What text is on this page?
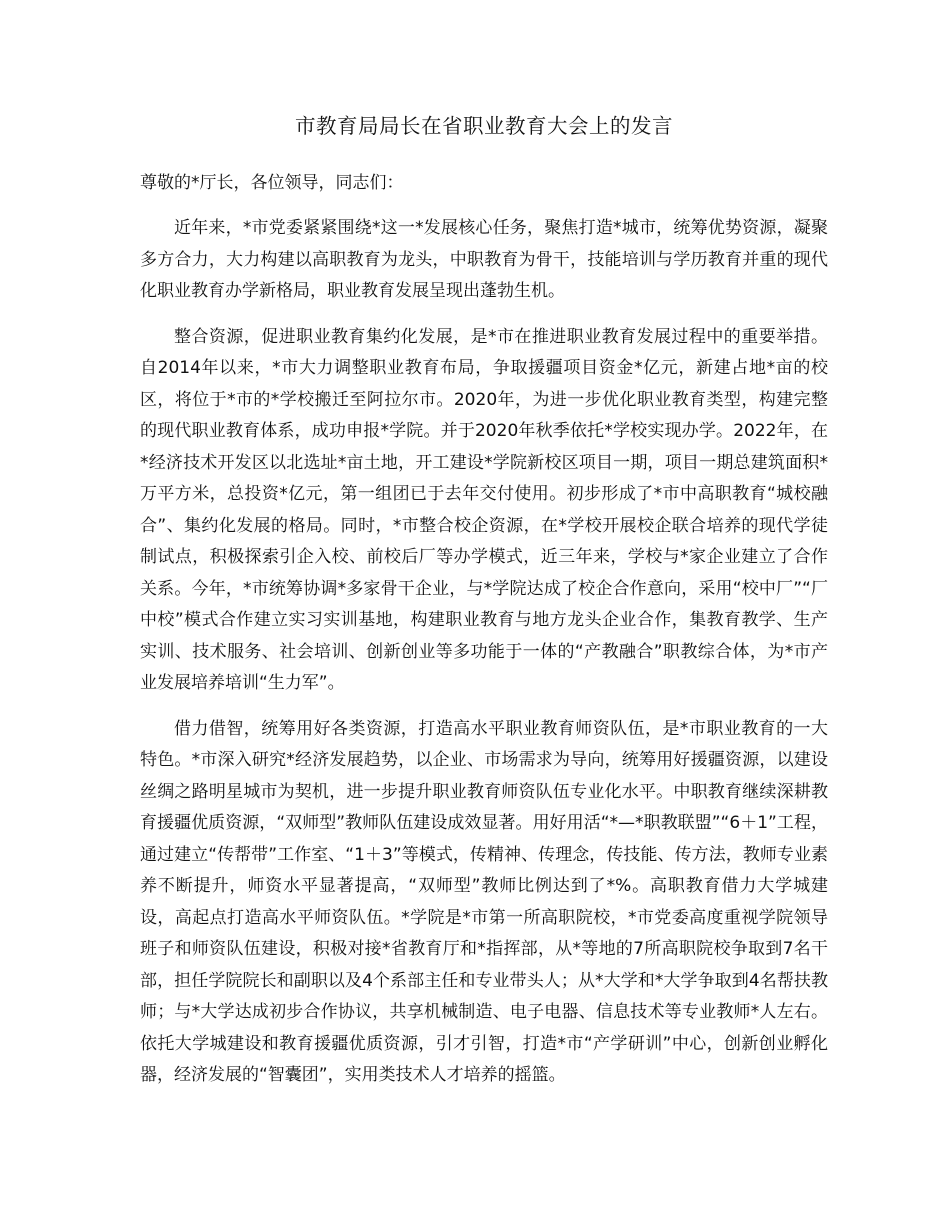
市教育局局长在省职业教育大会上的发言

尊敬的*厅长，各位领导，同志们：

近年来，*市党委紧紧围绕*这一*发展核心任务，聚焦打造*城市，统筹优势资源，凝聚多方合力，大力构建以高职教育为龙头，中职教育为骨干，技能培训与学历教育并重的现代化职业教育办学新格局，职业教育发展呈现出蓬勃生机。

整合资源，促进职业教育集约化发展，是*市在推进职业教育发展过程中的重要举措。自2014年以来，*市大力调整职业教育布局，争取援疆项目资金*亿元，新建占地*亩的校区，将位于*市的*学校搬迁至阿拉尔市。2020年，为进一步优化职业教育类型，构建完整的现代职业教育体系，成功申报*学院。并于2020年秋季依托*学校实现办学。2022年，在*经济技术开发区以北选址*亩土地，开工建设*学院新校区项目一期，项目一期总建筑面积*万平方米，总投资*亿元，第一组团已于去年交付使用。初步形成了*市中高职教育“城校融合”、集约化发展的格局。同时，*市整合校企资源，在*学校开展校企联合培养的现代学徒制试点，积极探索引企入校、前校后厂等办学模式，近三年来，学校与*家企业建立了合作关系。今年，*市统筹协调*多家骨干企业，与*学院达成了校企合作意向，采用“校中厂”“厂中校”模式合作建立实习实训基地，构建职业教育与地方龙头企业合作，集教育教学、生产实训、技术服务、社会培训、创新创业等多功能于一体的“产教融合”职教综合体，为*市产业发展培养培训“生力军”。

借力借智，统筹用好各类资源，打造高水平职业教育师资队伍，是*市职业教育的一大特色。*市深入研究*经济发展趋势，以企业、市场需求为导向，统筹用好援疆资源，以建设丝绸之路明星城市为契机，进一步提升职业教育师资队伍专业化水平。中职教育继续深耕教育援疆优质资源，“双师型”教师队伍建设成效显著。用好用活“*—*职教联盟”“6＋1”工程，通过建立“传帮带”工作室、“1＋3”等模式，传精神、传理念，传技能、传方法，教师专业素养不断提升，师资水平显著提高，“双师型”教师比例达到了*%。高职教育借力大学城建设，高起点打造高水平师资队伍。*学院是*市第一所高职院校，*市党委高度重视学院领导班子和师资队伍建设，积极对接*省教育厅和*指挥部，从*等地的7所高职院校争取到7名干部，担任学院院长和副职以及4个系部主任和专业带头人；从*大学和*大学争取到4名帮扶教师；与*大学达成初步合作协议，共享机械制造、电子电器、信息技术等专业教师*人左右。依托大学城建设和教育援疆优质资源，引才引智，打造*市“产学研训”中心，创新创业孵化器，经济发展的“智囊团”，实用类技术人才培养的摇篮。
